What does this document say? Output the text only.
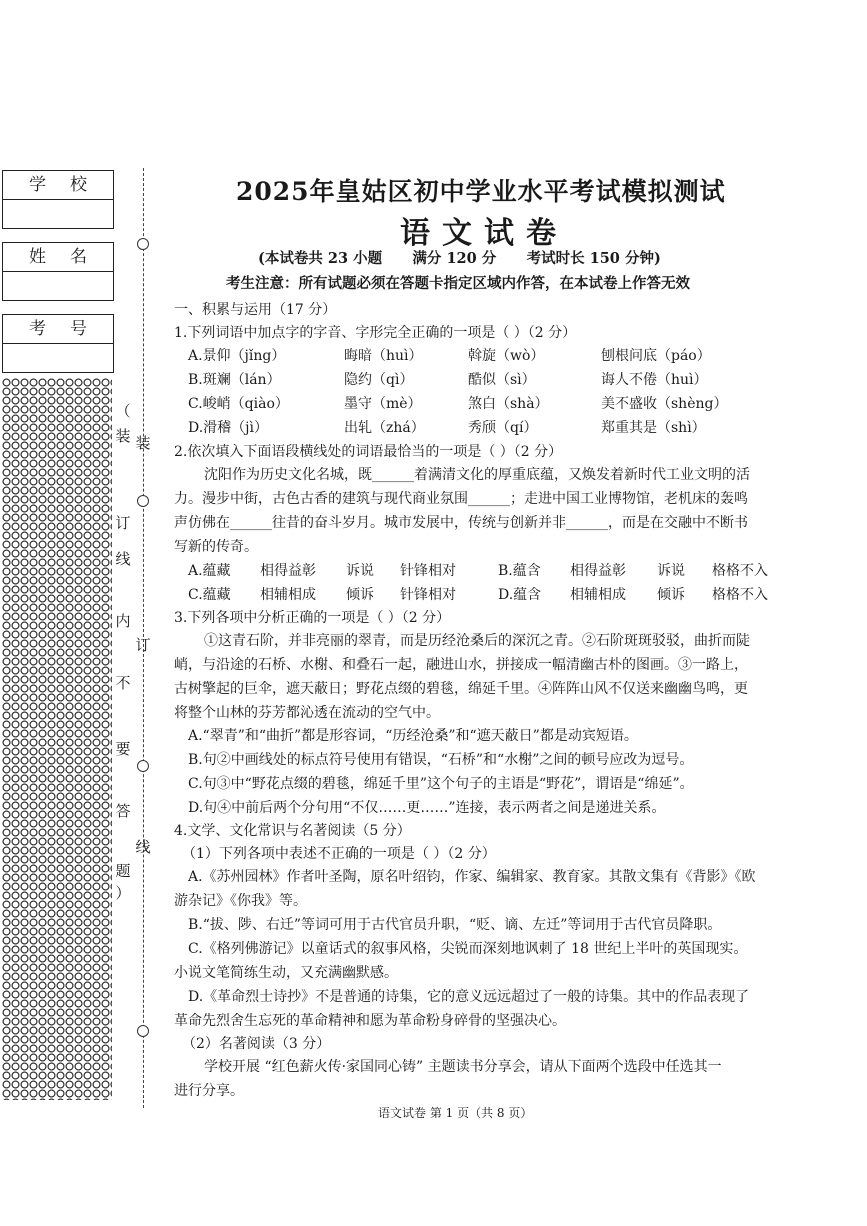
学 校
姓 名
考 号
（
装
订
线
内
不
要
答
题
）
装
订
线
2025年皇姑区初中学业水平考试模拟测试
语文试卷
(本试卷共 23 小题      满分 120 分      考试时长 150 分钟)
考生注意：所有试题必须在答题卡指定区域内作答，在本试卷上作答无效
一、积累与运用（17 分）
1.下列词语中加点字的字音、字形完全正确的一项是（ ）（2 分）
A.景仰（jǐng）	晦暗（huì）	斡旋（wò）	刨根问底（páo）
B.斑斓（lán）	隐约（qì）	酷似（sì）	诲人不倦（huì）
C.峻峭（qiào）	墨守（mè）	煞白（shà）	美不盛收（shèng）
D.滑稽（jì）	出轧（zhá）	秀颀（qí）	郑重其是（shì）
2.依次填入下面语段横线处的词语最恰当的一项是（ ）（2 分）
沈阳作为历史文化名城，既______着满清文化的厚重底蕴，又焕发着新时代工业文明的活
力。漫步中街，古色古香的建筑与现代商业氛围______；走进中国工业博物馆，老机床的轰鸣
声仿佛在______往昔的奋斗岁月。城市发展中，传统与创新并非______，而是在交融中不断书
写新的传奇。
A.蕴藏 相得益彰 诉说 针锋相对	B.蕴含 相得益彰 诉说 格格不入
C.蕴藏 相辅相成 倾诉 针锋相对	D.蕴含 相辅相成 倾诉 格格不入
3.下列各项中分析正确的一项是（ ）（2 分）
①这青石阶，并非亮丽的翠青，而是历经沧桑后的深沉之青。②石阶斑斑驳驳，曲折而陡
峭，与沿途的石桥、水榭、和叠石一起，融进山水，拼接成一幅清幽古朴的图画。③一路上，
古树擎起的巨伞，遮天蔽日；野花点缀的碧毯，绵延千里。④阵阵山风不仅送来幽幽鸟鸣，更
将整个山林的芬芳都沁透在流动的空气中。
A.“翠青”和“曲折”都是形容词，“历经沧桑”和“遮天蔽日”都是动宾短语。
B.句②中画线处的标点符号使用有错误，“石桥”和“水榭”之间的顿号应改为逗号。
C.句③中“野花点缀的碧毯，绵延千里”这个句子的主语是“野花”，谓语是“绵延”。
D.句④中前后两个分句用“不仅……更……”连接，表示两者之间是递进关系。
4.文学、文化常识与名著阅读（5 分）
（1）下列各项中表述不正确的一项是（ ）（2 分）
A.《苏州园林》作者叶圣陶，原名叶绍钧，作家、编辑家、教育家。其散文集有《背影》《欧
游杂记》《你我》等。
B.“拔、陟、右迁”等词可用于古代官员升职，“贬、谪、左迁”等词用于古代官员降职。
C.《格列佛游记》以童话式的叙事风格，尖锐而深刻地讽刺了 18 世纪上半叶的英国现实。
小说文笔简练生动，又充满幽默感。
D.《革命烈士诗抄》不是普通的诗集，它的意义远远超过了一般的诗集。其中的作品表现了
革命先烈舍生忘死的革命精神和愿为革命粉身碎骨的坚强决心。
（2）名著阅读（3 分）
学校开展 “红色薪火传·家国同心铸” 主题读书分享会，请从下面两个选段中任选其一
进行分享。
语文试卷 第 1 页（共 8 页）
